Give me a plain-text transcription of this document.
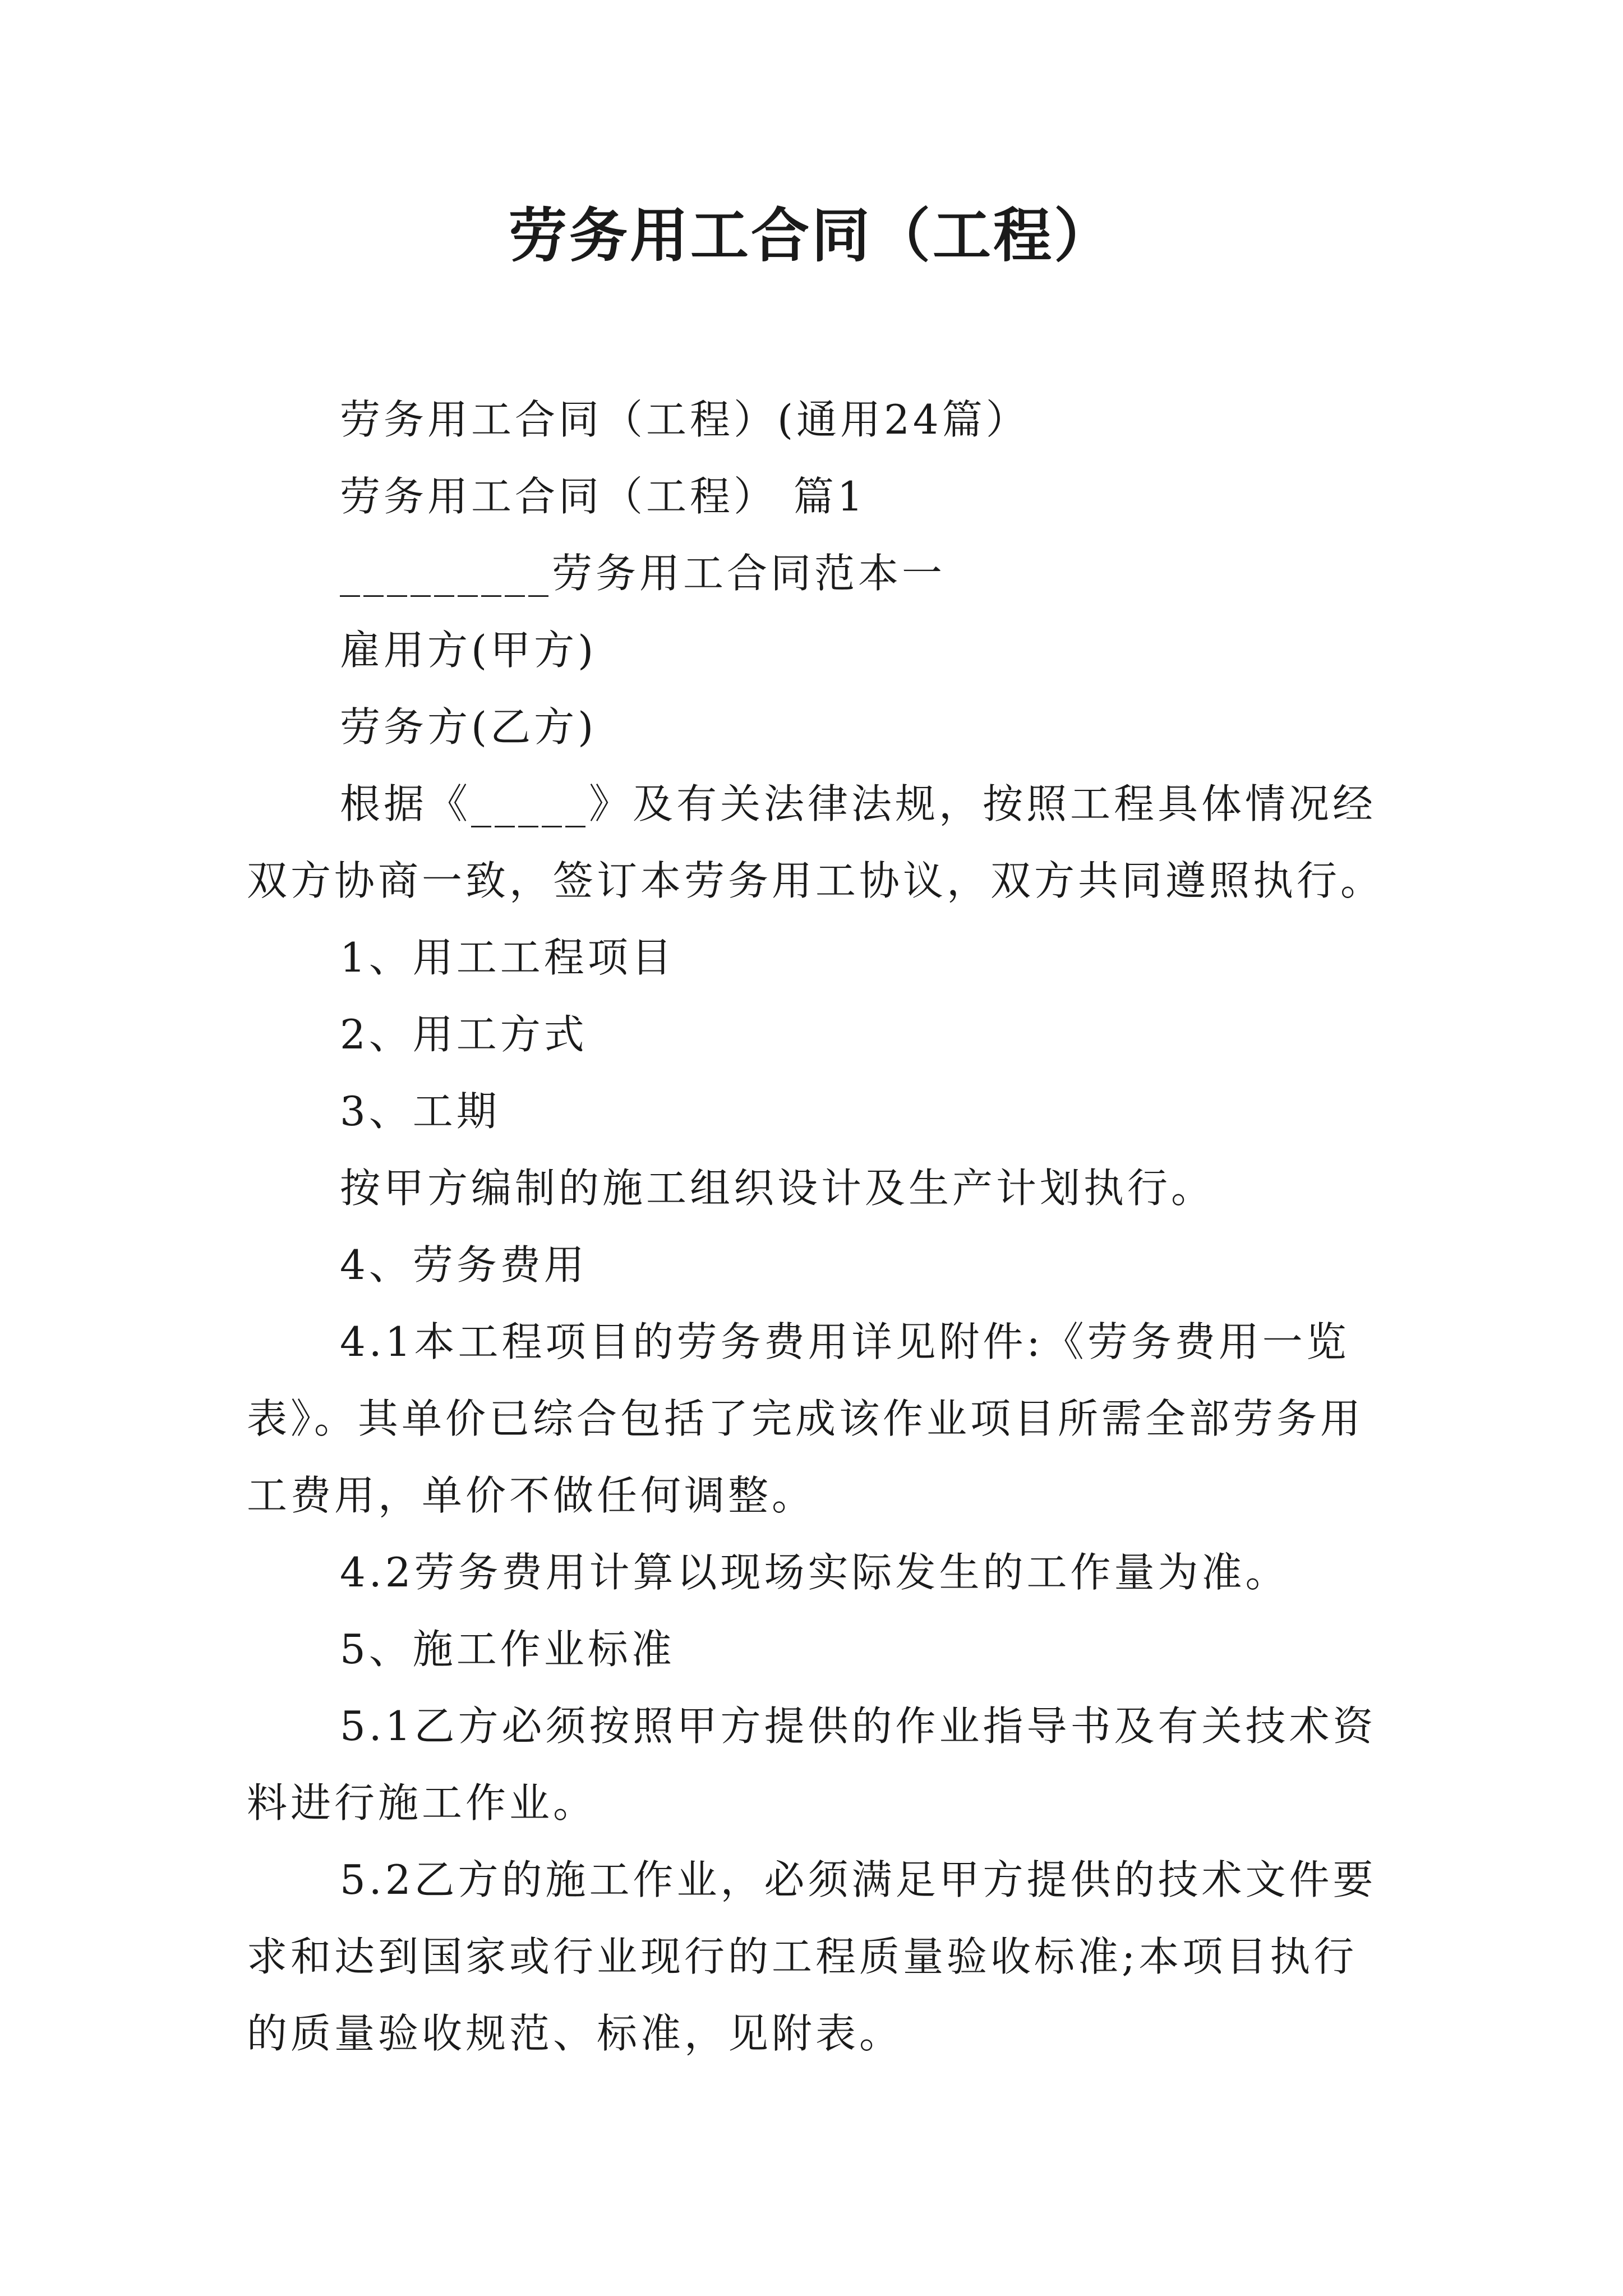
劳务用工合同（工程）
劳务用工合同（工程）(通用24篇）
劳务用工合同（工程） 篇1
_________劳务用工合同范本一
雇用方(甲方)
劳务方(乙方)
根据《_____》及有关法律法规，按照工程具体情况经
双方协商一致，签订本劳务用工协议，双方共同遵照执行。
1、用工工程项目
2、用工方式
3、工期
按甲方编制的施工组织设计及生产计划执行。
4、劳务费用
4.1本工程项目的劳务费用详见附件:《劳务费用一览
表》。其单价已综合包括了完成该作业项目所需全部劳务用
工费用，单价不做任何调整。
4.2劳务费用计算以现场实际发生的工作量为准。
5、施工作业标准
5.1乙方必须按照甲方提供的作业指导书及有关技术资
料进行施工作业。
5.2乙方的施工作业，必须满足甲方提供的技术文件要
求和达到国家或行业现行的工程质量验收标准;本项目执行
的质量验收规范、标准，见附表。
